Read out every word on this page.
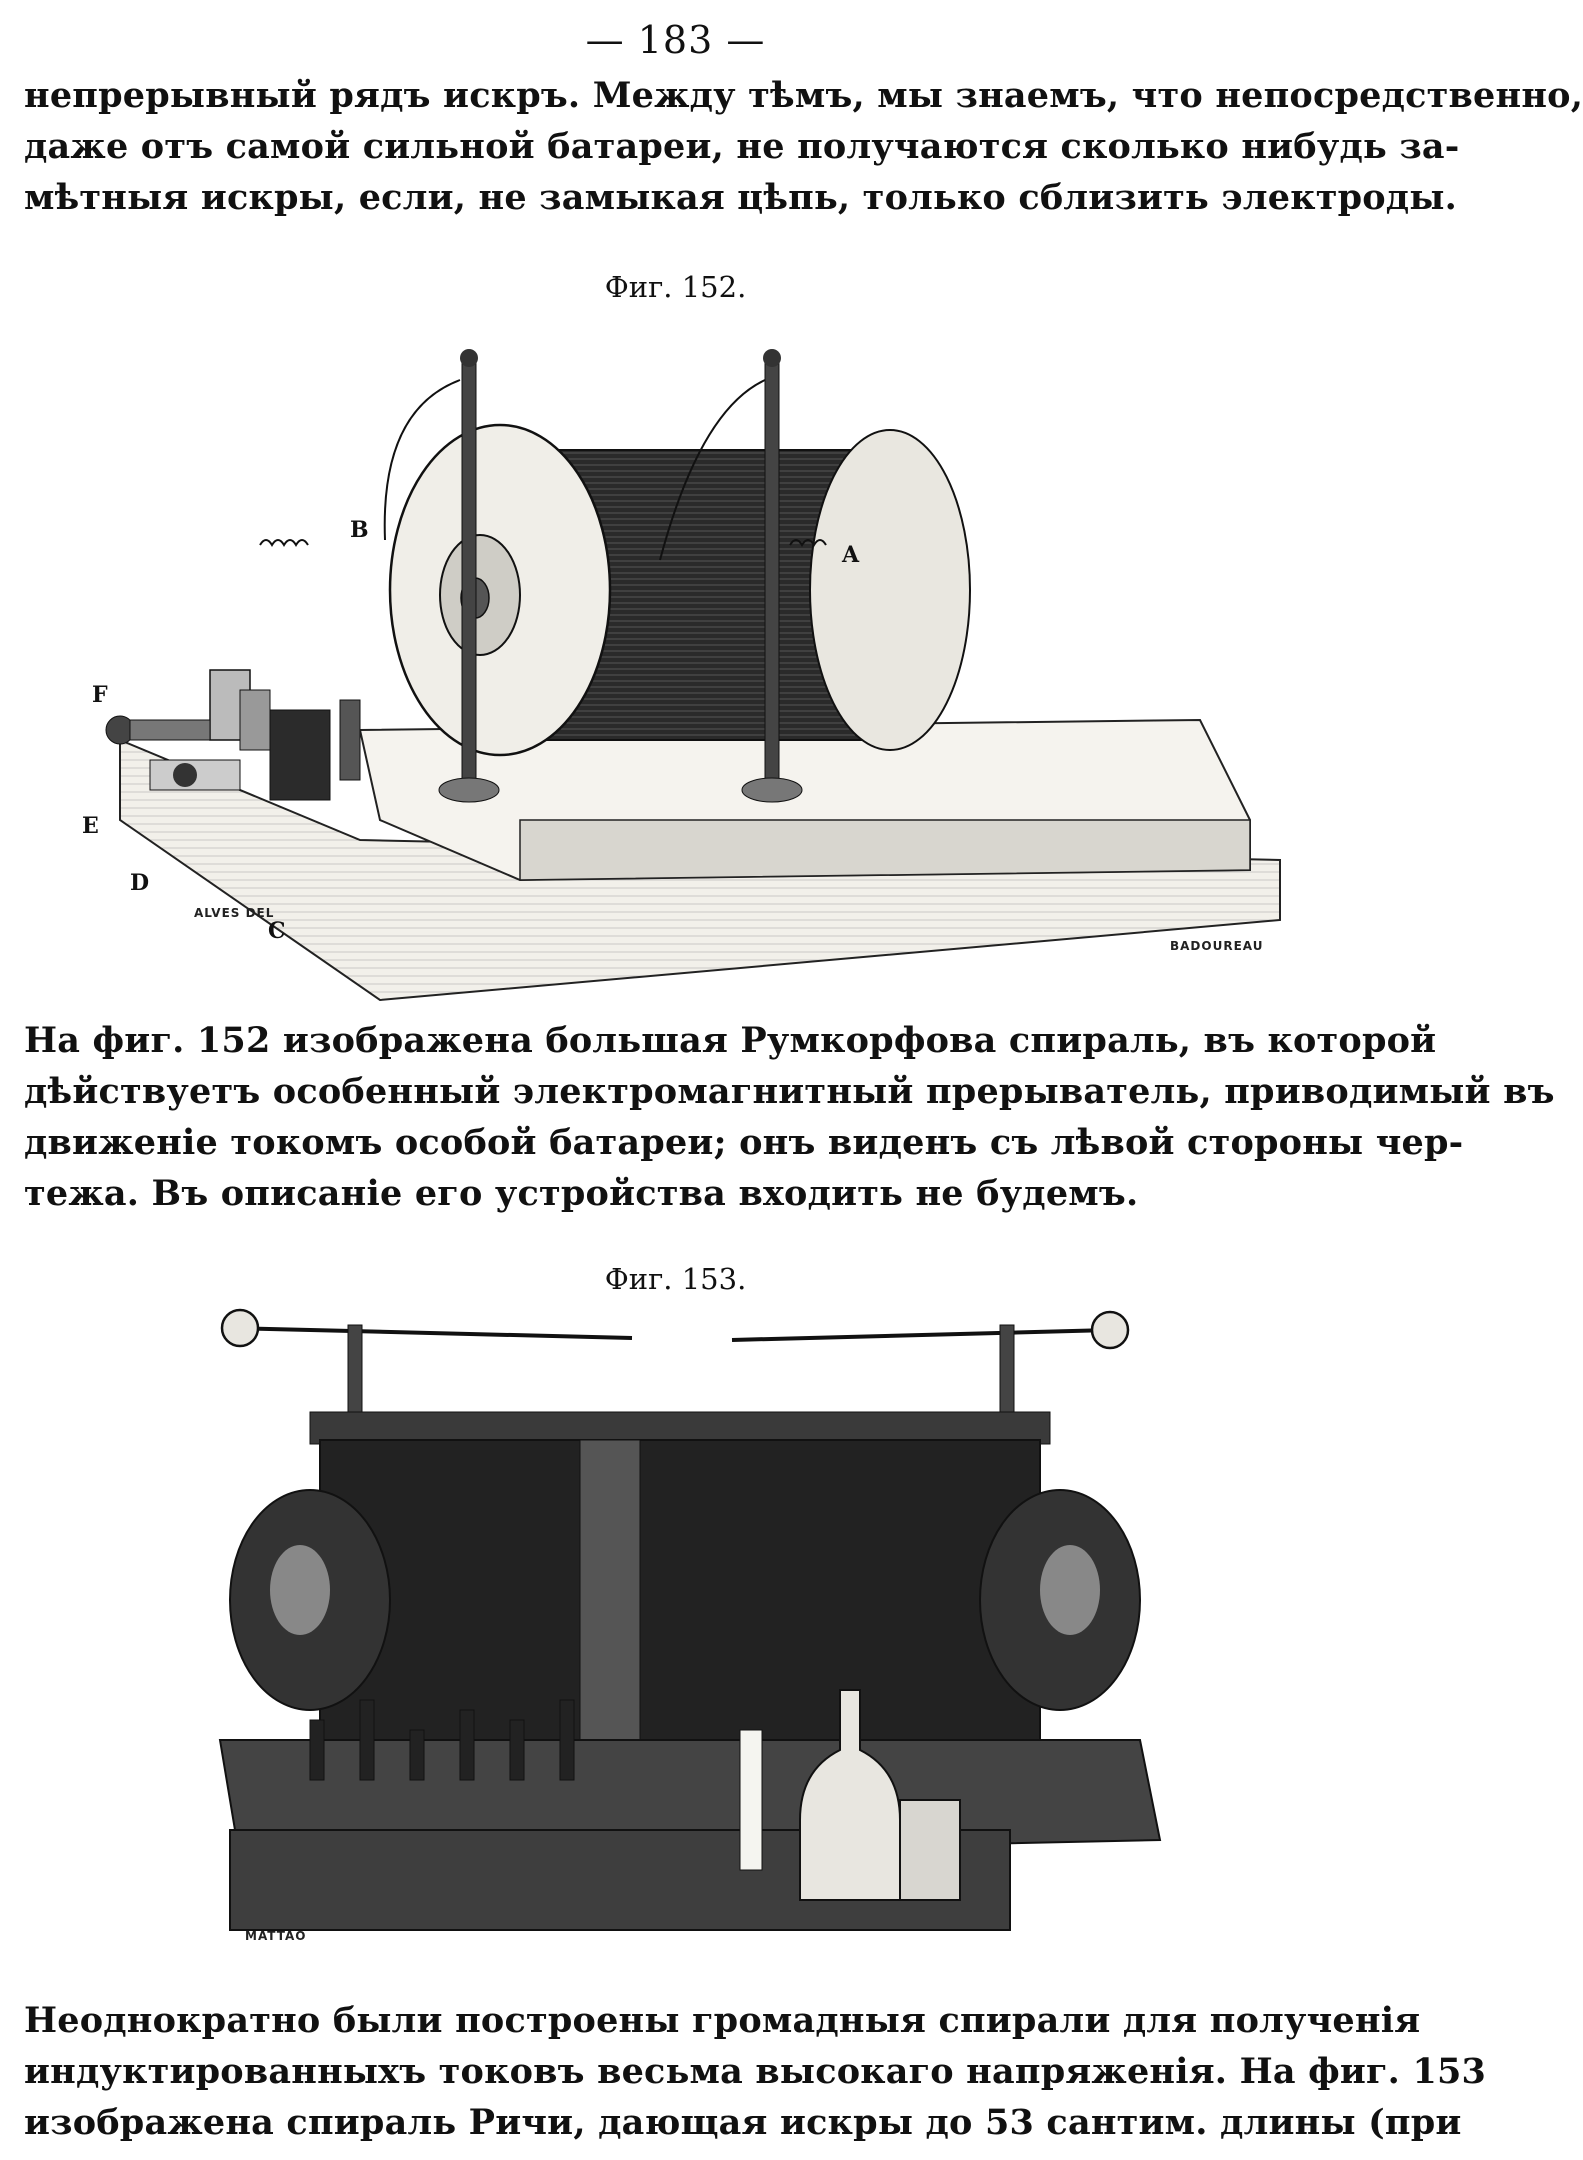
— 183 —
непрерывный рядъ искръ. Между тѣмъ, мы знаемъ, что непосредственно,
даже отъ самой сильной батареи, не получаются сколько нибудь за-
мѣтныя искры, если, не замыкая цѣпь, только сблизить электроды.
Фиг. 152.
B
A
F
E
D
C
ALVES DEL
BADOUREAU
На фиг. 152 изображена большая Румкорфова спираль, въ которой
дѣйствуетъ особенный электромагнитный прерыватель, приводимый въ
движеніе токомъ особой батареи; онъ виденъ съ лѣвой стороны чер-
тежа. Въ описаніе его устройства входить не будемъ.
Фиг. 153.
MATTAO
Неоднократно были построены громадныя спирали для полученія
индуктированныхъ токовъ весьма высокаго напряженія. На фиг. 153
изображена спираль Ричи, дающая искры до 53 сантим. длины (при
